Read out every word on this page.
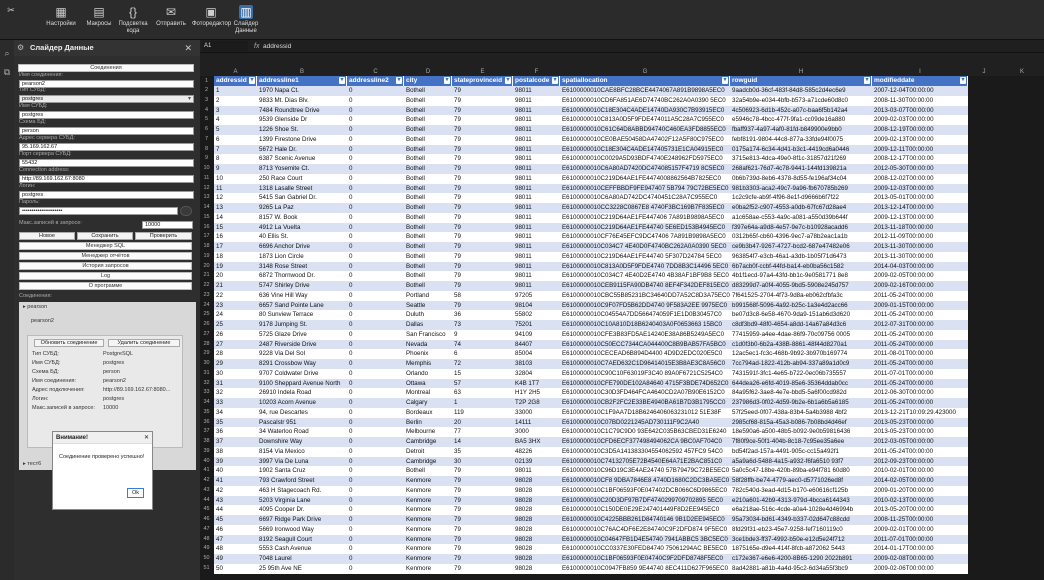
✂	▦
Настройки
▤
Макросы
{}
Подсветка кода
✉
Отправить
▣
Фоторедактор
▥
Слайдер Данные
⌕
⧉
⚙ Слайдер Данные	✕
Соединения
Имя соединения:
pearson2
Тип СУБД:
postgres ▾
Имя СУБД:
postgres
Схема БД:
person
Адрес сервера СУБД:
95.169.162.67
Порт сервера СУБД:
55432
Connection address:
http://89.169.162.67:8080
Логин:
postgres
Пароль:
•••••••••••••••••••••
Макс.записей в запросе:	10000
Новое	Сохранить	Проверить
Менеджер SQL
Менеджер отчётов
История запросов
Log
О программе
Соединения:
▸ pearson
pearson2
▸ тест6
Обновить соединение	Удалить соединение
Тип СУБД:	PostgreSQL
Имя СУБД:	postgres
Схема БД:	person
Имя соединения:	pearson2
Адрес подключения:	http://89.169.162.67:8080...
Логин:	postgres
Макс.записей в запросе: 10000
Внимание!	✕
Соединение проверено успешно!
Ok
A1	fx addressid
A	B	C	D	E	F	G	H	I	J	K
1	addressid ▾	addressline1 ▾	addressline2 ▾	city ▾	stateprovinceid ▾	postalcode ▾	spatiallocation ▾	rowguid ▾	modifieddate ▾
2	1	1970 Napa Ct.	0	Bothell	79	98011	E6100000010CAE8BFC28BCE4474067A891B9898A5EC0	9aadcb0d-36cf-483f-84d8-585c2d4ec6e9	2007-12-04T00:00:00
3	2	9833 Mt. Dias Blv.	0	Bothell	79	98011	E6100000010CD6FA851AE6D74740BC262A0A0390 5EC0	32a54b9e-e034-4bfb-b573-a71cde60d8c0	2008-11-30T00:00:00
4	3	7484 Roundtree Drive	0	Bothell	79	98011	E6100000010C18E304C4ADE14740DA930C7B93915EC0	4c506923-6d1b-452c-a07c-baa6f5b142a4	2013-03-07T00:00:00
5	4	9539 Glenside Dr	0	Bothell	79	98011	E6100000010C813A0D5F9FDE474011A5C28A7C955EC0	e5946c78-4bcc-477f-9fa1-cc09de16a880	2009-02-03T00:00:00
6	5	1226 Shoe St.	0	Bothell	79	98011	E6100000010C61C64D8ABBD94740C460EA3FD8855EC0	fbaff937-4a97-4af0-81fd-b849900e9bb0	2008-12-19T00:00:00
7	6	1399 Firestone Drive	0	Bothell	79	98011	E6100000010CE0BAE50458DA47402F12A5F80C975EC0	febf8191-9804-44c8-877a-33fde94f0075	2009-02-13T00:00:00
8	7	5672 Hale Dr.	0	Bothell	79	98011	E6100000010C18E304C4ADE147405731E1CA04915EC0	0175a174-6c34-4d41-b3c1-4419cd6a0446	2009-12-11T00:00:00
9	8	6387 Scenic Avenue	0	Bothell	79	98011	E6100000010C0029A5D93BDF4740E248962FD5975EC0	3715e813-4dca-49e0-8f1c-31857d21f269	2008-12-17T00:00:00
10	9	8713 Yosemite Ct.	0	Bothell	79	98011	E6100000010C6A80AD7420DC474085157F4719 8C5EC0	268af621-76d7-4c78-9441-144fd139821a	2012-05-30T00:00:00
11	10	250 Race Court	0	Bothell	79	98011	E6100000010C219D64AE1FE4474008862564B7825EC0	0b6b739d-8eb6-4378-8d55-fe196af34c04	2008-12-02T00:00:00
12	11	1318 Lasalle Street	0	Bothell	79	98011	E6100000010CEFFBBDF9FE947407 5B794 79C72BE5EC0 981b3303-aca2-49c7-9a96-fb670785b269	2009-12-03T00:00:00
13	12	5415 San Gabriel Dr.	0	Bothell	79	98011	E6100000010C6A80AD742DC4740451C28A7C955EC0	1c2c9cfe-ab9f-4f96-8e1f-d9666b6f7f22	2013-05-01T00:00:00
14	13	9265 La Paz	0	Bothell	79	98011	E6100000010CC3228C0867E8 4740F3BC169B7F835EC0	e0ba2f52-c907-4553-a0db-67fc67d28ae4	2013-12-14T00:00:00
15	14	8157 W. Book	0	Bothell	79	98011	E6100000010C219D64AE1FE447406 7A891B9898A5EC0	a1c658ae-c553-4a9c-a081-a550d39b644f	2009-12-13T00:00:00
16	15	4912 La Vuelta	0	Bothell	79	98011	E6100000010C219D64AE1FE44740 5E6ED153B4945EC0	f397e64a-a9d8-4e57-9e7c-b10928acadd6	2013-11-18T00:00:00
17	16	40 Ellis St.	0	Bothell	79	98011	E6100000010CF76E45EFC9DC47406 7A891B9898A5EC0	0312b65f-cb60-4396-9ec7-a78b2eac1a1b	2012-11-09T00:00:00
18	17	6696 Anchor Drive	0	Bothell	79	98011	E6100000010C034C7 4E40D0F4740BC262A0A0390 5EC0 ce9b3b47-9267-4727-bcd2-687e47482e06	2013-11-30T00:00:00
19	18	1873 Lion Circle	0	Bothell	79	98011	E6100000010C219D64AE1FE44740 5F307D24784 5EC0	963854f7-e3cb-46a1-a3db-1b05f71d6473	2013-11-30T00:00:00
20	19	3148 Rose Street	0	Bothell	79	98011	E6100000010C813A0D5F9FDE4740 7DD8B3C14496 5EC0 6b7acb0f-ccbf-44fd-ba14-eb0ba56c1582	2014-04-03T00:00:00
21	20	6872 Thornwood Dr.	0	Bothell	79	98011	E6100000010C034C7 4E40D2E4740 4B38AF1BF9B8 5EC0 4b1f1ecd-97a4-43fd-bb1c-9e0581771 8e8	2009-02-05T00:00:00
22	21	5747 Shirley Drive	0	Bothell	79	98011	E6100000010CEB9115FA90DB4740 8EF4F342DEF815EC0 d83299d7-a0f4-4055-9bd5-5908e245d757	2009-02-16T00:00:00
23	22	636 Vine Hill Way	0	Portland	58	97205	E6100000010CBC55B85231BC34640DD7A52C8D3A75EC0 7f641525-2704-4f73-9d8a-eb062cfbfa3c	2011-05-24T00:00:00
24	23	6657 Sand Pointe Lane	0	Seattle	79	98104	E6100000010C9F07FD5B62DD4740 9F583A2EE 9975EC0 b991568f-5096-4a92-b25c-1a3e4d2acc66	2009-01-15T00:00:00
25	24	80 Sunview Terrace	0	Duluth	36	55802	E6100000010C04554A7DD566474059F1E1D0B30457C0	be07d3c8-6e58-4670-9da9-151ab6d3d620	2011-05-24T00:00:00
26	25	9178 Jumping St.	0	Dallas	73	75201	E6100000010C10A810D18B6240403A0F0653663 15BC0	c8df3bd9-48f0-4654-a8dd-14a67a84d3c6	2012-07-31T00:00:00
27	26	5725 Glaze Drive	0	San Francisco	9	94109	E6100000010CFE3B83FD5AE14240E38A86B5249A5EC0	77415959-a4ee-4dae-86f9-70c09756 0005	2011-05-24T00:00:00
28	27	2487 Riverside Drive	0	Nevada	74	84407	E6100000010C50ECC7344CA044400C8B9BAB57FA5BC0	c1d0f3b0-6b2a-438B-8861-48f44d8270a1	2011-05-24T00:00:00
29	28	9228 Via Del Sol	0	Phoenix	6	85004	E6100000010CECEAD6B894D4400 4D9D2EDC020E5C0	12ac5ec1-fc3c-468b-9b92-3b970b169774	2011-08-01T00:00:00
30	29	8291 Crossbow Way	0	Memphis	72	38103	E6100000010C7AED632C1D96414015E3B8AE3C8A56C0	7cc794ad-1822-412b-ab94-337a89a1d0c9	2011-05-24T00:00:00
31	30	9707 Coldwater Drive	0	Orlando	15	32804	E6100000010C90C10F63019F3C40 89A0F6721C5254C0	7431591f-3fc1-4e65-b722-0ec06b735557	2011-07-01T00:00:00
32	31	9100 Sheppard Avenue North	0	Ottawa	57	K4B 1T7	E6100000010CFE790DE102A84640 4715F3BDE74D652C0 644dea26-e6fd-4019-85e6-35364ddab0cc	2011-05-24T00:00:00
33	32	26910 Indela Road	0	Montreal	63	H1Y 2H5	E6100000010C30D3FD464FCA4640CD2A07B90E6152C0	84a95f62-3ae8-4e7e-bbd5-5a6f00cd982d	2012-06-30T00:00:00
34	33	10203 Acorn Avenue	0	Calgary	1	T2P 2G8	E6100000010CB2F2FC2E33BE4940BA61B7D3B1795CC0	237986d3-0f02-4d59-9b2e-6b1a6b5a6185	2011-05-24T00:00:00
35	34	94, rue Descartes	0	Bordeaux	119	33000	E6100000010C1F9AA7D18B6246406063231012 51E38F	57f25eed-0f07-438a-83b4-5a4b3988 4bf2	2013-12-21T10:09:29.423000
36	35	Pascalstr 951	0	Berlin	20	14111	E6100000010C07BD0221245AD730111F9C2A40	2985cf68-815a-45a3-b086-7b08bd4d46ef	2013-05-23T00:00:00
37	36	34 Waterloo Road	0	Melbourne	77	3000	E6100000010C1C79C9D0 93E642C035B63CBED31E6240 18e590a6-a500-48b5-b092-9e0b59816436	2013-05-23T00:00:00
38	37	Downshire Way	0	Cambridge	14	BA5 3HX	E6100000010CFD6ECF377498494062CA 9BC0AF704C0	7f80f9ce-50f1-404b-8c18-7c95ee35a6ee	2012-03-05T00:00:00
39	38	8154 Via Mexico	0	Detroit	35	48226	E6100000010C3D5A141383304554062592 457FC9 54C0	bd54f2ad-157a-4491-905c-cc15a492f1	2011-05-24T00:00:00
40	39	3997 Via De Luna	0	Cambridge	30	02139	E6100000010C74132705E72B4540E64A71E2BAC851C0	a5a9a6d-5488-4a15-a932-f6fa6510 93f7	2012-09-23T00:00:00
41	40	1902 Santa Cruz	0	Bothell	79	98011	E6100000010C96D19C3E4AE24740 57B79479C72BE5EC0 5a0c5c47-18be-420b-89ba-e94f781 60d80	2010-02-01T00:00:00
42	41	793 Crawford Street	0	Kenmore	79	98028	E6100000010CF8 9DBA7846E8 4740D1680C2DC3BA5EC0 58f28ffb-be74-4779-aec0-d5771026ed8f	2014-02-05T00:00:00
43	42	463 H Stagecoach Rd.	0	Kenmore	79	98028	E6100000010C1BF06593F0E047402DCB066C6D9865EC0 782c540d-3ead-4d15-b170-e60616cf125b	2009-01-20T00:00:00
44	43	5203 Virginia Lane	0	Kenmore	79	98028	E6100000010C20D3DF97B7DF4740299709702895 5EC0	e210a601-42b9-4313-979d-4bcca6144343	2010-02-13T00:00:00
45	44	4095 Cooper Dr.	0	Kenmore	79	98028	E6100000010C150DE0E29E247401449F8D2EE945EC0	e6a218ae-516c-4cde-a0a4-1028e4d46994b	2013-05-20T00:00:00
46	45	6697 Ridge Park Drive	0	Kenmore	79	98028	E6100000010C4225BBB261D84740146 9B1D2EE945EC0	95a73034-bd61-4349-b337-02d647c88cdd	2008-11-25T00:00:00
47	46	5669 Ironwood Way	0	Kenmore	79	98028	E6100000010C76AC4DF6E2E84740C9F2DFD874 9F5EC0 8fd29f31-eb23-45e7-9258-fef7160119c0	2009-02-01T00:00:00
48	47	8192 Seagull Court	0	Kenmore	79	98028	E6100000010C04647FB1D4E54740 7941ABBC5 3BC5EC0 3ce1bde3-ff37-4992-b50e-e12d5e24f712	2011-07-01T00:00:00
49	48	5553 Cash Avenue	0	Kenmore	79	98028	E6100000010CC0337E30FED84740 75061294AC BE5EC0 1875165e-d9e4-414f-8fcb-a872062 5443	2014-01-17T00:00:00
50	49	7048 Laurel	0	Kenmore	79	98028	E6100000010C1BF06593F0E04740C9F2DFD8748F5EC0	c172e367-e6e6-4200-8B65-1290 2022b891	2009-02-08T00:00:00
51	50	25 95th Ave NE	0	Kenmore	79	98028	E6100000010C0947FB859 9E44740 8EC411D627F965EC0 8ad42881-a81b-4a4d-95c2-6d34a55f3bc9	2009-02-06T00:00:00
